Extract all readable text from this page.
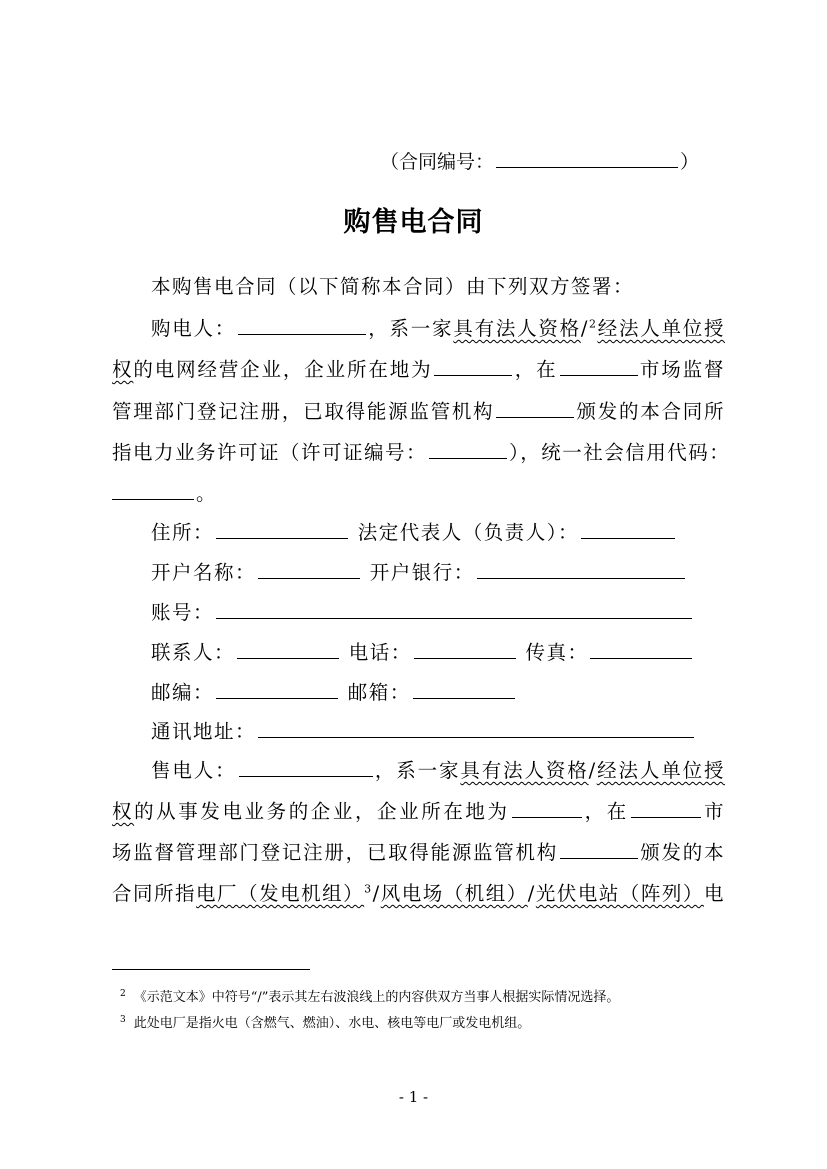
（合同编号：	）
购售电合同
本购售电合同（以下简称本合同）由下列双方签署：
购电人：	，系一家具有法人资格/$^2$经法人单位授
权的电网经营企业，企业所在地为	，在	市场监督
管理部门登记注册，已取得能源监管机构	颁发的本合同所
指电力业务许可证（许可证编号：	），统一社会信用代码：
。
住所：	法定代表人（负责人）：
开户名称：	开户银行：
账号：
联系人：	电话：	传真：
邮编：	邮箱：
通讯地址：
售电人：	，系一家具有法人资格/经法人单位授
权的从事发电业务的企业，企业所在地为	，在	市
场监督管理部门登记注册，已取得能源监管机构	颁发的本
合同所指电厂（发电机组）$^3$/风电场（机组）/光伏电站（阵列）电
$^2$ 《示范文本》中符号“/”表示其左右波浪线上的内容供双方当事人根据实际情况选择。
$^3$ 此处电厂是指火电（含燃气、燃油）、水电、核电等电厂或发电机组。
- 1 -
